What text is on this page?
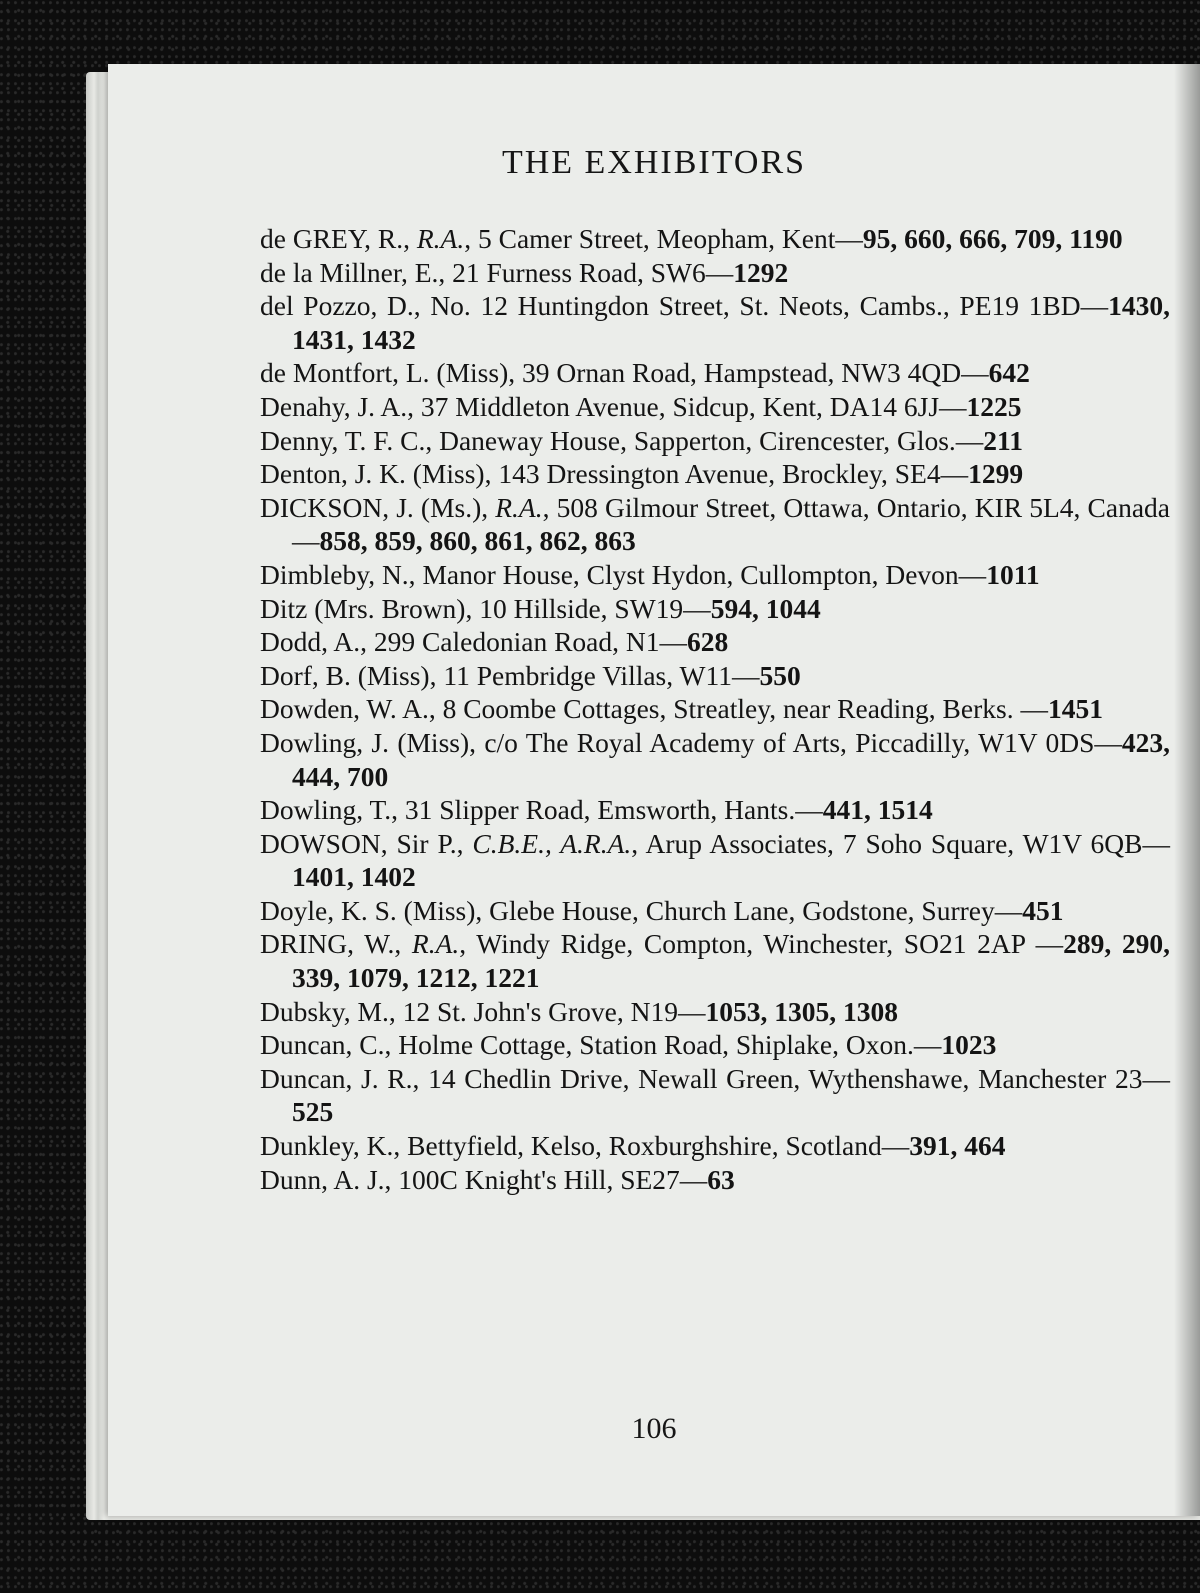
THE EXHIBITORS
de GREY, R., R.A., 5 Camer Street, Meopham, Kent—95, 660, 666, 709, 1190
de la Millner, E., 21 Furness Road, SW6—1292
del Pozzo, D., No. 12 Huntingdon Street, St. Neots, Cambs., PE19 1BD—1430, 1431, 1432
de Montfort, L. (Miss), 39 Ornan Road, Hampstead, NW3 4QD—642
Denahy, J. A., 37 Middleton Avenue, Sidcup, Kent, DA14 6JJ—1225
Denny, T. F. C., Daneway House, Sapperton, Cirencester, Glos.—211
Denton, J. K. (Miss), 143 Dressington Avenue, Brockley, SE4—1299
DICKSON, J. (Ms.), R.A., 508 Gilmour Street, Ottawa, Ontario, KIR 5L4, Canada—858, 859, 860, 861, 862, 863
Dimbleby, N., Manor House, Clyst Hydon, Cullompton, Devon—1011
Ditz (Mrs. Brown), 10 Hillside, SW19—594, 1044
Dodd, A., 299 Caledonian Road, N1—628
Dorf, B. (Miss), 11 Pembridge Villas, W11—550
Dowden, W. A., 8 Coombe Cottages, Streatley, near Reading, Berks. —1451
Dowling, J. (Miss), c/o The Royal Academy of Arts, Piccadilly, W1V 0DS—423, 444, 700
Dowling, T., 31 Slipper Road, Emsworth, Hants.—441, 1514
DOWSON, Sir P., C.B.E., A.R.A., Arup Associates, 7 Soho Square, W1V 6QB—1401, 1402
Doyle, K. S. (Miss), Glebe House, Church Lane, Godstone, Surrey—451
DRING, W., R.A., Windy Ridge, Compton, Winchester, SO21 2AP —289, 290, 339, 1079, 1212, 1221
Dubsky, M., 12 St. John's Grove, N19—1053, 1305, 1308
Duncan, C., Holme Cottage, Station Road, Shiplake, Oxon.—1023
Duncan, J. R., 14 Chedlin Drive, Newall Green, Wythenshawe, Manchester 23—525
Dunkley, K., Bettyfield, Kelso, Roxburghshire, Scotland—391, 464
Dunn, A. J., 100C Knight's Hill, SE27—63
106
